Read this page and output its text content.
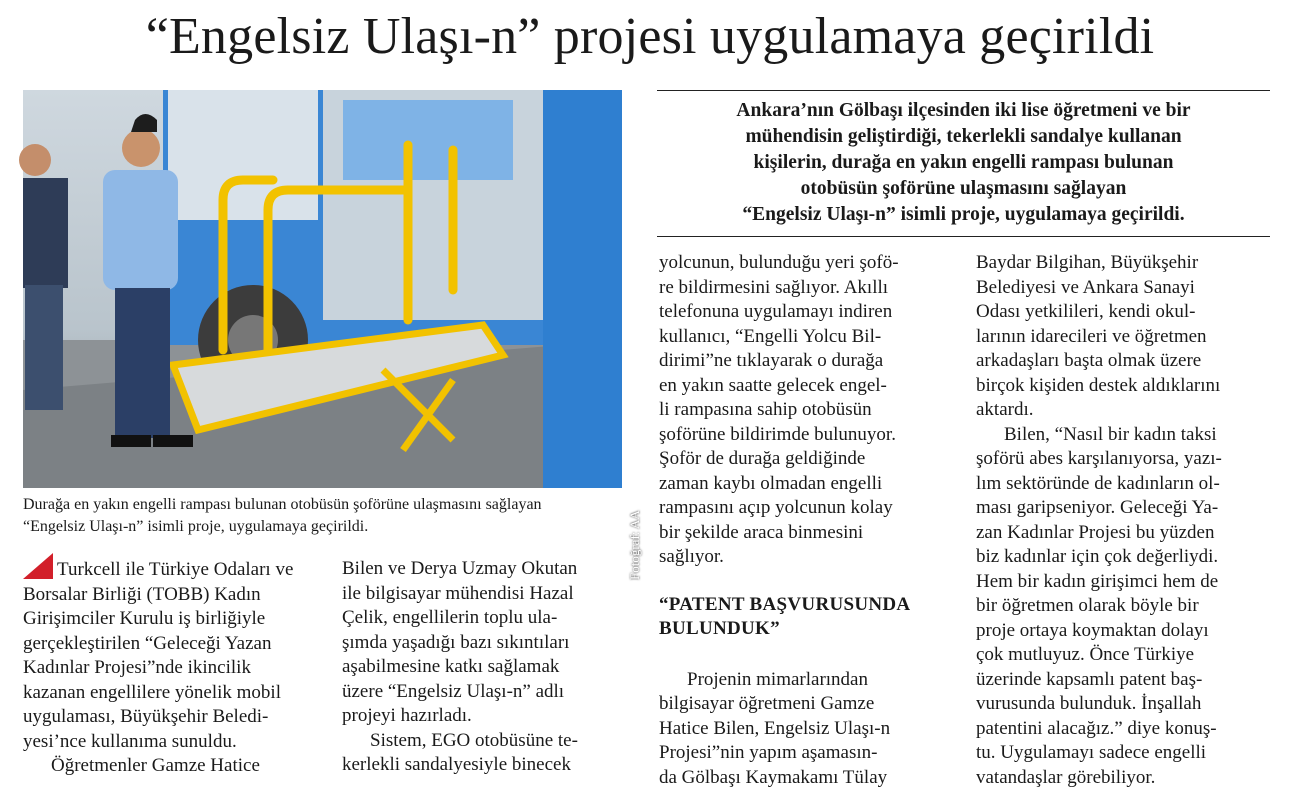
“Engelsiz Ulaşı-n” projesi uygulamaya geçirildi
Fotoğraf: AA
Durağa en yakın engelli rampası bulunan otobüsün şoförüne ulaşmasını sağlayan
“Engelsiz Ulaşı-n” isimli proje, uygulamaya geçirildi.
Ankara’nın Gölbaşı ilçesinden iki lise öğretmeni ve bir
mühendisin geliştirdiği, tekerlekli sandalye kullanan
kişilerin, durağa en yakın engelli rampası bulunan
otobüsün şoförüne ulaşmasını sağlayan
“Engelsiz Ulaşı-n” isimli proje, uygulamaya geçirildi.

Turkcell ile Türkiye Odaları ve

Borsalar Birliği (TOBB) Kadın

Girişimciler Kurulu iş birliğiyle

gerçekleştirilen “Geleceği Yazan

Kadınlar Projesi”nde ikincilik

kazanan engellilere yönelik mobil

uygulaması, Büyükşehir Beledi-

yesi’nce kullanıma sunuldu.

Öğretmenler Gamze Hatice

Bilen ve Derya Uzmay Okutan

ile bilgisayar mühendisi Hazal

Çelik, engellilerin toplu ula-

şımda yaşadığı bazı sıkıntıları

aşabilmesine katkı sağlamak

üzere “Engelsiz Ulaşı-n” adlı

projeyi hazırladı.

Sistem, EGO otobüsüne te-

kerlekli sandalyesiyle binecek

yolcunun, bulunduğu yeri şofö-

re bildirmesini sağlıyor. Akıllı

telefonuna uygulamayı indiren

kullanıcı, “Engelli Yolcu Bil-

dirimi”ne tıklayarak o durağa

en yakın saatte gelecek engel-

li rampasına sahip otobüsün

şoförüne bildirimde bulunuyor.

Şoför de durağa geldiğinde

zaman kaybı olmadan engelli

rampasını açıp yolcunun kolay

bir şekilde araca binmesini

sağlıyor.

“PATENT BAŞVURUSUNDA
BULUNDUK”

Projenin mimarlarından

bilgisayar öğretmeni Gamze

Hatice Bilen, Engelsiz Ulaşı-n

Projesi”nin yapım aşamasın-

da Gölbaşı Kaymakamı Tülay

Baydar Bilgihan, Büyükşehir

Belediyesi ve Ankara Sanayi

Odası yetkilileri, kendi okul-

larının idarecileri ve öğretmen

arkadaşları başta olmak üzere

birçok kişiden destek aldıklarını

aktardı.

Bilen, “Nasıl bir kadın taksi

şoförü abes karşılanıyorsa, yazı-

lım sektöründe de kadınların ol-

ması garipseniyor. Geleceği Ya-

zan Kadınlar Projesi bu yüzden

biz kadınlar için çok değerliydi.

Hem bir kadın girişimci hem de

bir öğretmen olarak böyle bir

proje ortaya koymaktan dolayı

çok mutluyuz. Önce Türkiye

üzerinde kapsamlı patent baş-

vurusunda bulunduk. İnşallah

patentini alacağız.” diye konuş-

tu. Uygulamayı sadece engelli

vatandaşlar görebiliyor.
